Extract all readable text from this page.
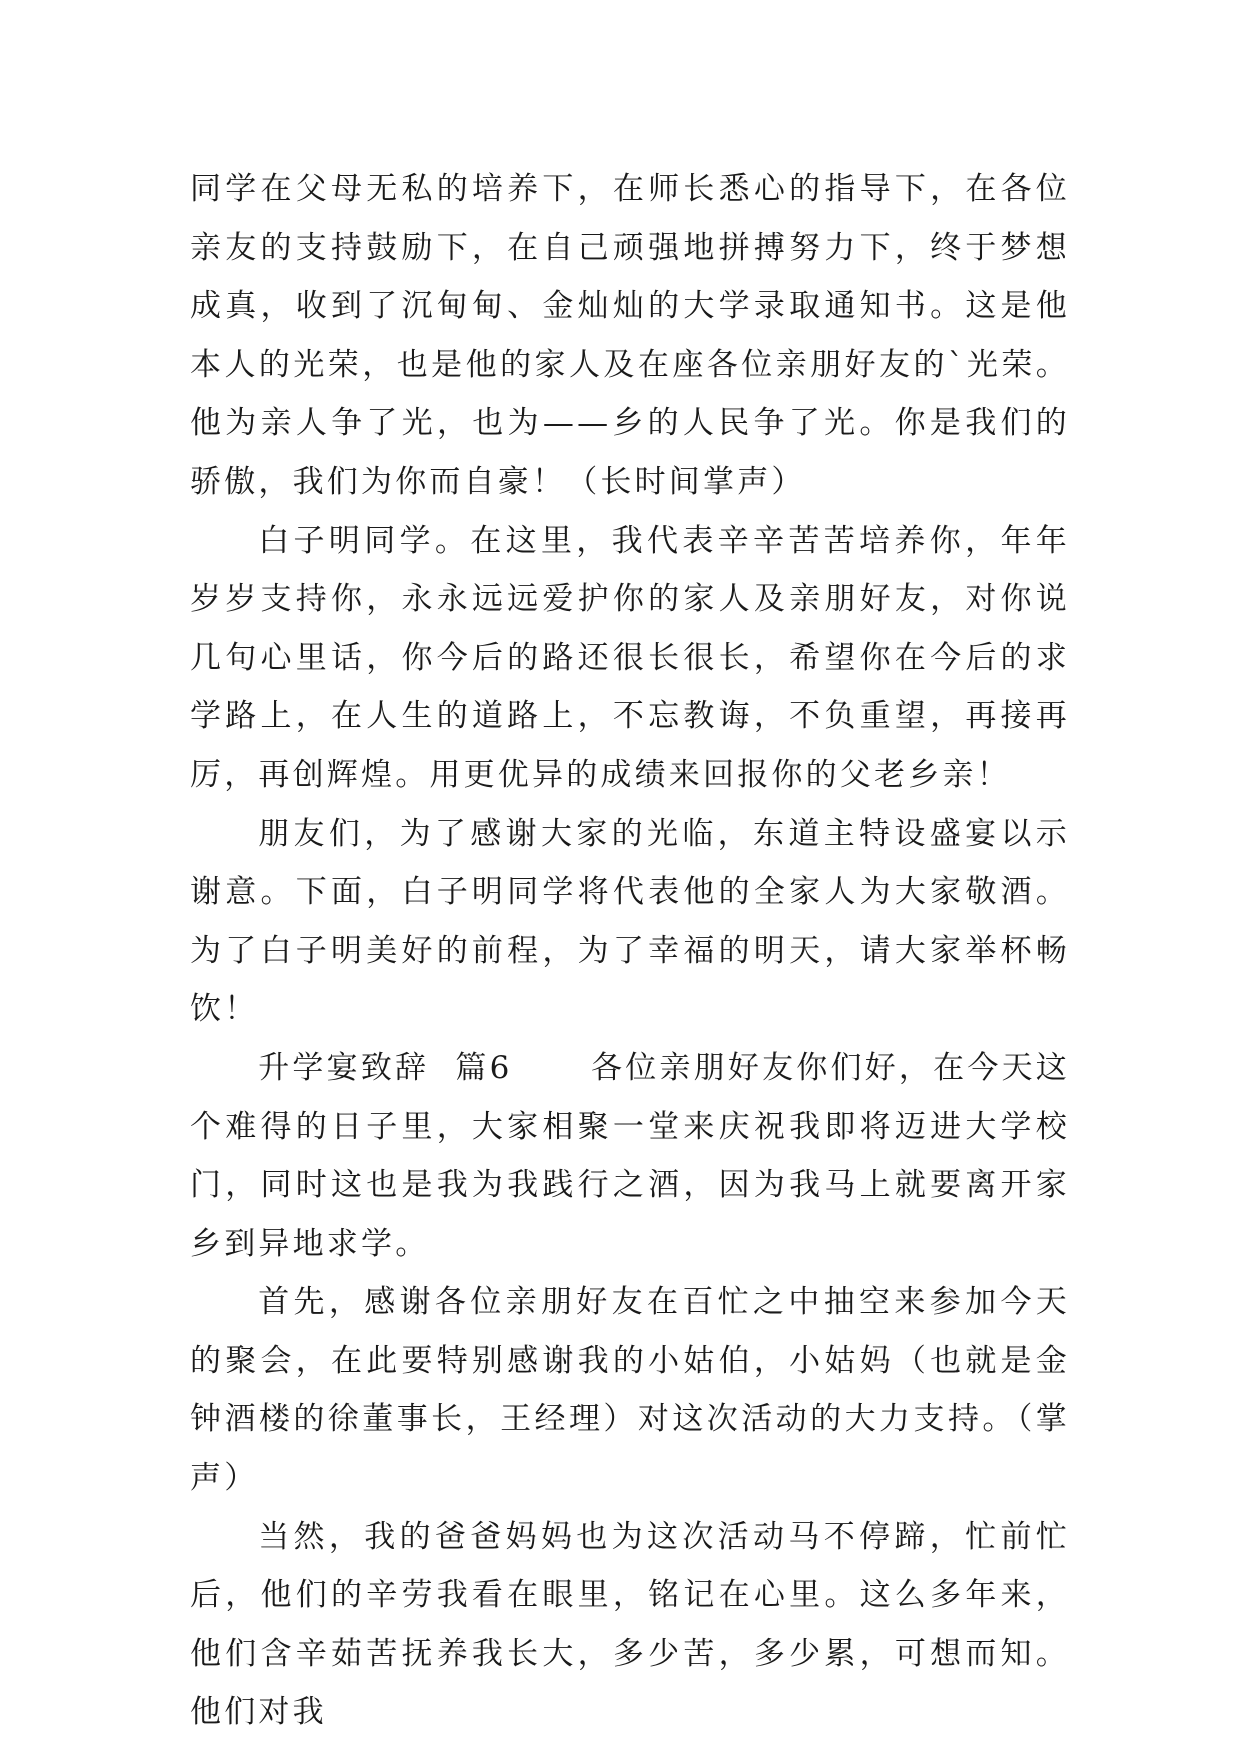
同学在父母无私的培养下，在师长悉心的指导下，在各位亲友的支持鼓励下，在自己顽强地拼搏努力下，终于梦想成真，收到了沉甸甸、金灿灿的大学录取通知书。这是他本人的光荣，也是他的家人及在座各位亲朋好友的`光荣。他为亲人争了光，也为——乡的人民争了光。你是我们的骄傲，我们为你而自豪！（长时间掌声）

白子明同学。在这里，我代表辛辛苦苦培养你，年年岁岁支持你，永永远远爱护你的家人及亲朋好友，对你说几句心里话，你今后的路还很长很长，希望你在今后的求学路上，在人生的道路上，不忘教诲，不负重望，再接再厉，再创辉煌。用更优异的成绩来回报你的父老乡亲！

朋友们，为了感谢大家的光临，东道主特设盛宴以示谢意。下面，白子明同学将代表他的全家人为大家敬酒。为了白子明美好的前程，为了幸福的明天，请大家举杯畅饮！

升学宴致辞  篇6	各位亲朋好友你们好，在今天这个难得的日子里，大家相聚一堂来庆祝我即将迈进大学校门，同时这也是我为我践行之酒，因为我马上就要离开家乡到异地求学。

首先，感谢各位亲朋好友在百忙之中抽空来参加今天的聚会，在此要特别感谢我的小姑伯，小姑妈（也就是金钟酒楼的徐董事长，王经理）对这次活动的大力支持。（掌声）

当然，我的爸爸妈妈也为这次活动马不停蹄，忙前忙后，他们的辛劳我看在眼里，铭记在心里。这么多年来，他们含辛茹苦抚养我长大，多少苦，多少累，可想而知。他们对我
